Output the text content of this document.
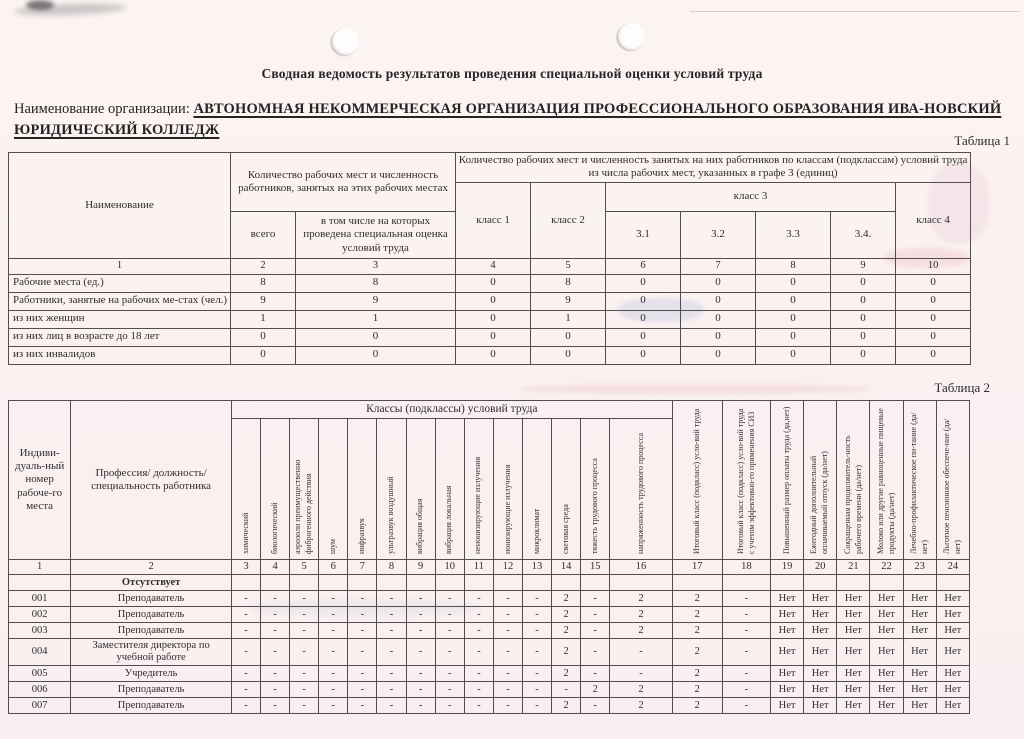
Сводная ведомость результатов проведения специальной оценки условий труда
Наименование организации: АВТОНОМНАЯ НЕКОММЕРЧЕСКАЯ ОРГАНИЗАЦИЯ ПРОФЕССИОНАЛЬНОГО ОБРАЗОВАНИЯ ИВА-НОВСКИЙ ЮРИДИЧЕСКИЙ КОЛЛЕДЖ
Таблица 1
Наименование	Количество рабочих мест и численность работников, занятых на этих рабочих местах		Количество рабочих мест и численность занятых на них работников по классам (подклассам) условий труда из числа рабочих мест, указанных в графе 3 (единиц)						
			класс 1	класс 2	класс 3				класс 4
	всего	в том числе на которых проведена специальная оценка условий труда			3.1	3.2	3.3	3.4.	
1	2	3	4	5	6	7	8	9	10
Рабочие места (ед.)	8	8	0	8	0	0	0	0	0
Работники, занятые на рабочих ме-стах (чел.)	9	9	0	9	0	0	0	0	0
из них женщин	1	1	0	1	0	0	0	0	0
из них лиц в возрасте до 18 лет	0	0	0	0	0	0	0	0	0
из них инвалидов	0	0	0	0	0	0	0	0	0
Таблица 2
Индиви-дуаль-ный номер рабоче-го места	Профессия/ должность/ специальность работника	Классы (подклассы) условий труда														Итоговый класс (подкласс) усло-вий труда	Итоговый класс (подкласс) усло-вий труда с учетом эффективно-го применения СИЗ	Повышенный размер оплаты труда (да,нет)	Ежегодный дополнительный оплачиваемый отпуск (да/нет)	Сокращенная продолжитель-ность рабочего времени (да/нет)	Молоко или другие равноценные пищевые продукты (да/нет)	Лечебно-профилактическое пи-тание (да/нет)	Льготное пенсионное обеспече-ние (да/нет)
		химический	биологический	аэрозоли преимущественно фиброгенного действия	шум	инфразвук	ультразвук воздушный	вибрация общая	вибрация локальная	неионизирующие излучения	ионизирующие излучения	микроклимат	световая среда	тяжесть трудового процесса	напряженность трудового процесса								
1	2	3	4	5	6	7	8	9	10	11	12	13	14	15	16	17	18	19	20	21	22	23	24
	Отсутствует																						
001	Преподаватель	-	-	-	-	-	-	-	-	-	-	-	2	-	2	2	-	Нет	Нет	Нет	Нет	Нет	Нет
002	Преподаватель	-	-	-	-	-	-	-	-	-	-	-	2	-	2	2	-	Нет	Нет	Нет	Нет	Нет	Нет
003	Преподаватель	-	-	-	-	-	-	-	-	-	-	-	2	-	2	2	-	Нет	Нет	Нет	Нет	Нет	Нет
004	Заместителя директора по учебной работе	-	-	-	-	-	-	-	-	-	-	-	2	-	-	2	-	Нет	Нет	Нет	Нет	Нет	Нет
005	Учредитель	-	-	-	-	-	-	-	-	-	-	-	2	-	-	2	-	Нет	Нет	Нет	Нет	Нет	Нет
006	Преподаватель	-	-	-	-	-	-	-	-	-	-	-	-	2	2	2	-	Нет	Нет	Нет	Нет	Нет	Нет
007	Преподаватель	-	-	-	-	-	-	-	-	-	-	-	2	-	2	2	-	Нет	Нет	Нет	Нет	Нет	Нет
